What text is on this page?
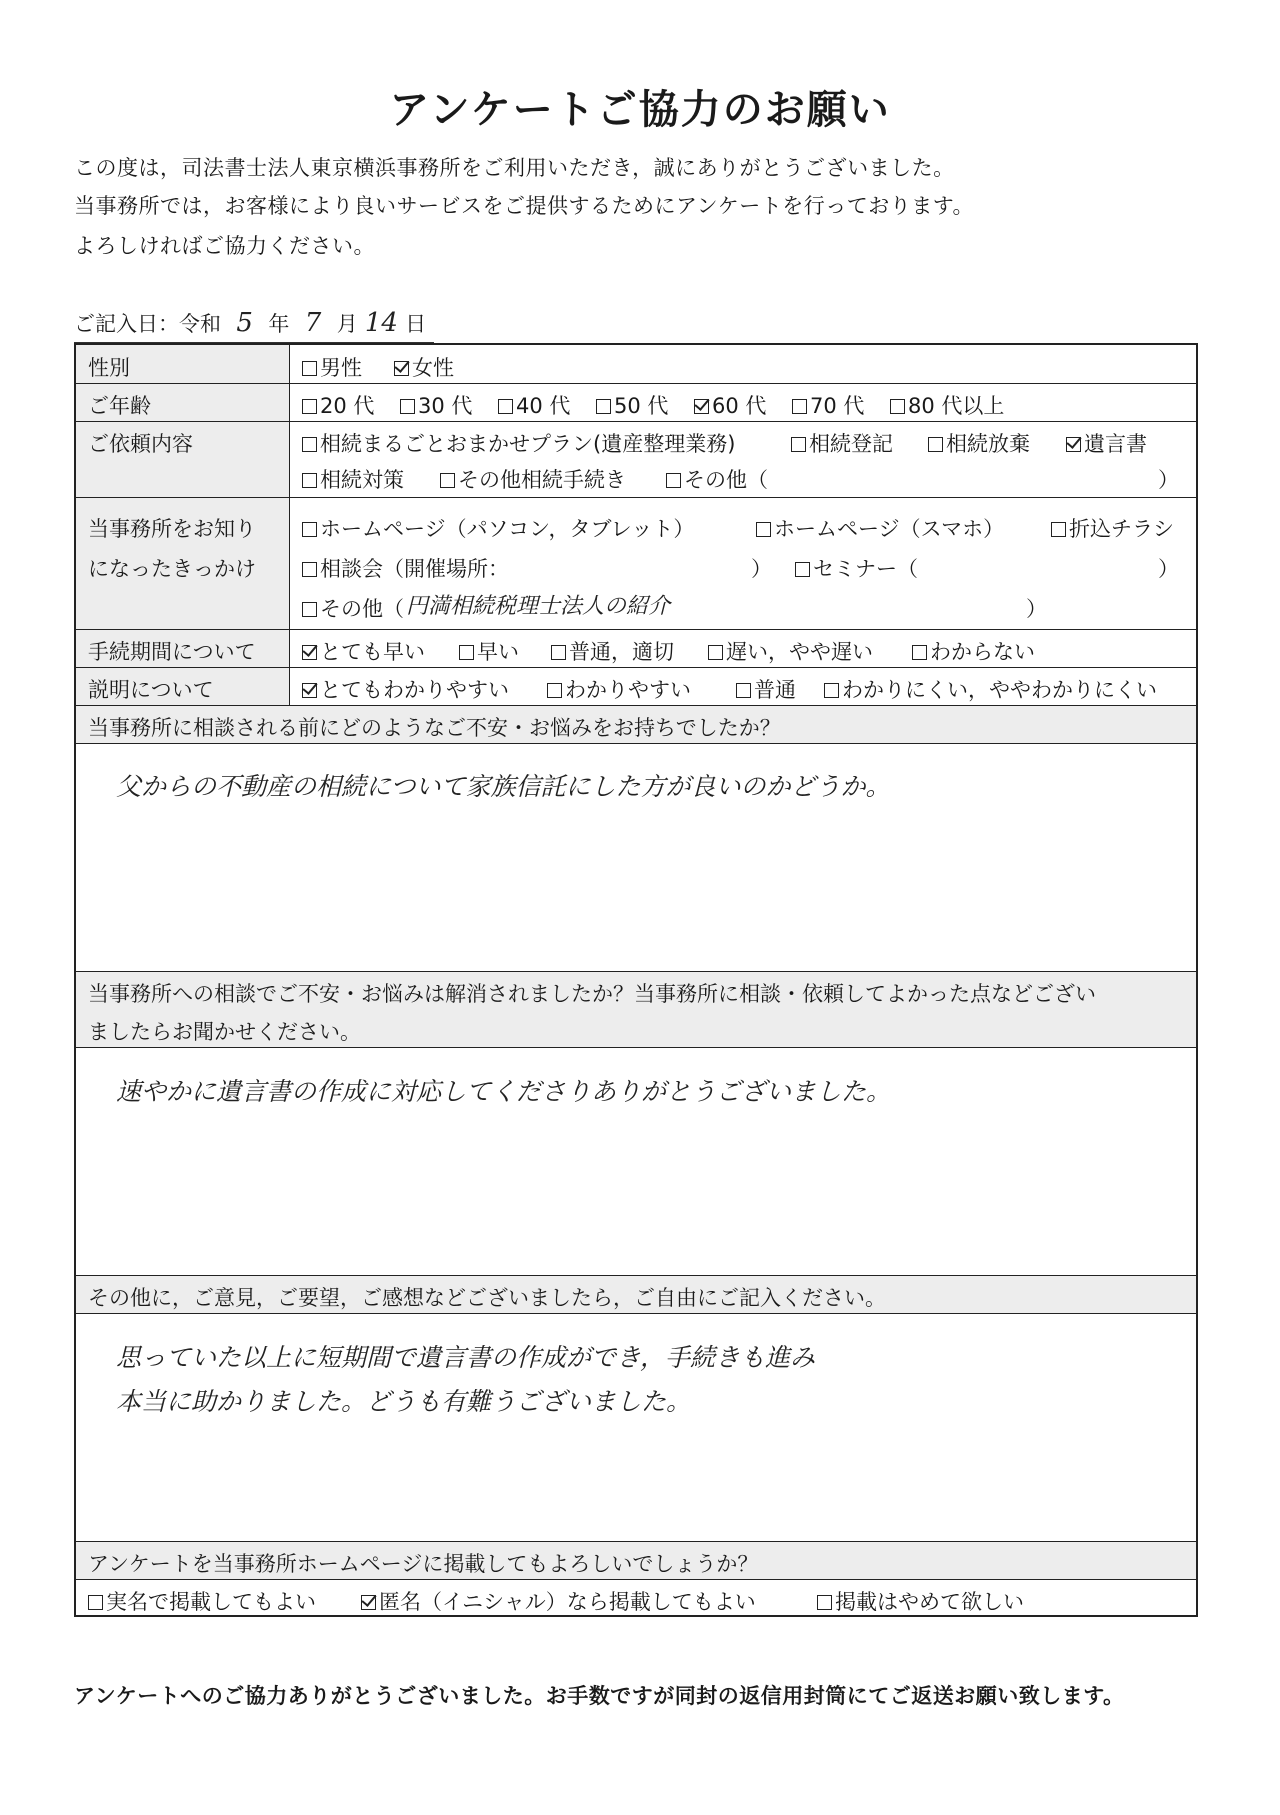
アンケートご協力のお願い
この度は，司法書士法人東京横浜事務所をご利用いただき，誠にありがとうございました。
当事務所では，お客様により良いサービスをご提供するためにアンケートを行っております。
よろしければご協力ください。
ご記入日：令和 5 年 7 月 14 日
性別	男性	女性
ご年齢	20 代	30 代	40 代	50 代	60 代	70 代	80 代以上
ご依頼内容	相続まるごとおまかせプラン(遺産整理業務)	相続登記	相続放棄	遺言書
相続対策	その他相続手続き	その他（	）
当事務所をお知り
になったきっかけ
ホームページ（パソコン，タブレット）	ホームページ（スマホ）	折込チラシ
相談会（開催場所：	）	セミナー（	）
その他（ 円満相続税理士法人の紹介	）
手続期間について	とても早い	早い	普通，適切	遅い，やや遅い	わからない
説明について	とてもわかりやすい	わかりやすい	普通	わかりにくい，ややわかりにくい
当事務所に相談される前にどのようなご不安・お悩みをお持ちでしたか？
父からの不動産の相続について家族信託にした方が良いのかどうか。
当事務所への相談でご不安・お悩みは解消されましたか？当事務所に相談・依頼してよかった点などござい
ましたらお聞かせください。
速やかに遺言書の作成に対応してくださりありがとうございました。
その他に，ご意見，ご要望，ご感想などございましたら，ご自由にご記入ください。
思っていた以上に短期間で遺言書の作成ができ，手続きも進み
本当に助かりました。どうも有難うございました。
アンケートを当事務所ホームページに掲載してもよろしいでしょうか？
実名で掲載してもよい	匿名（イニシャル）なら掲載してもよい	掲載はやめて欲しい
アンケートへのご協力ありがとうございました。お手数ですが同封の返信用封筒にてご返送お願い致します。
